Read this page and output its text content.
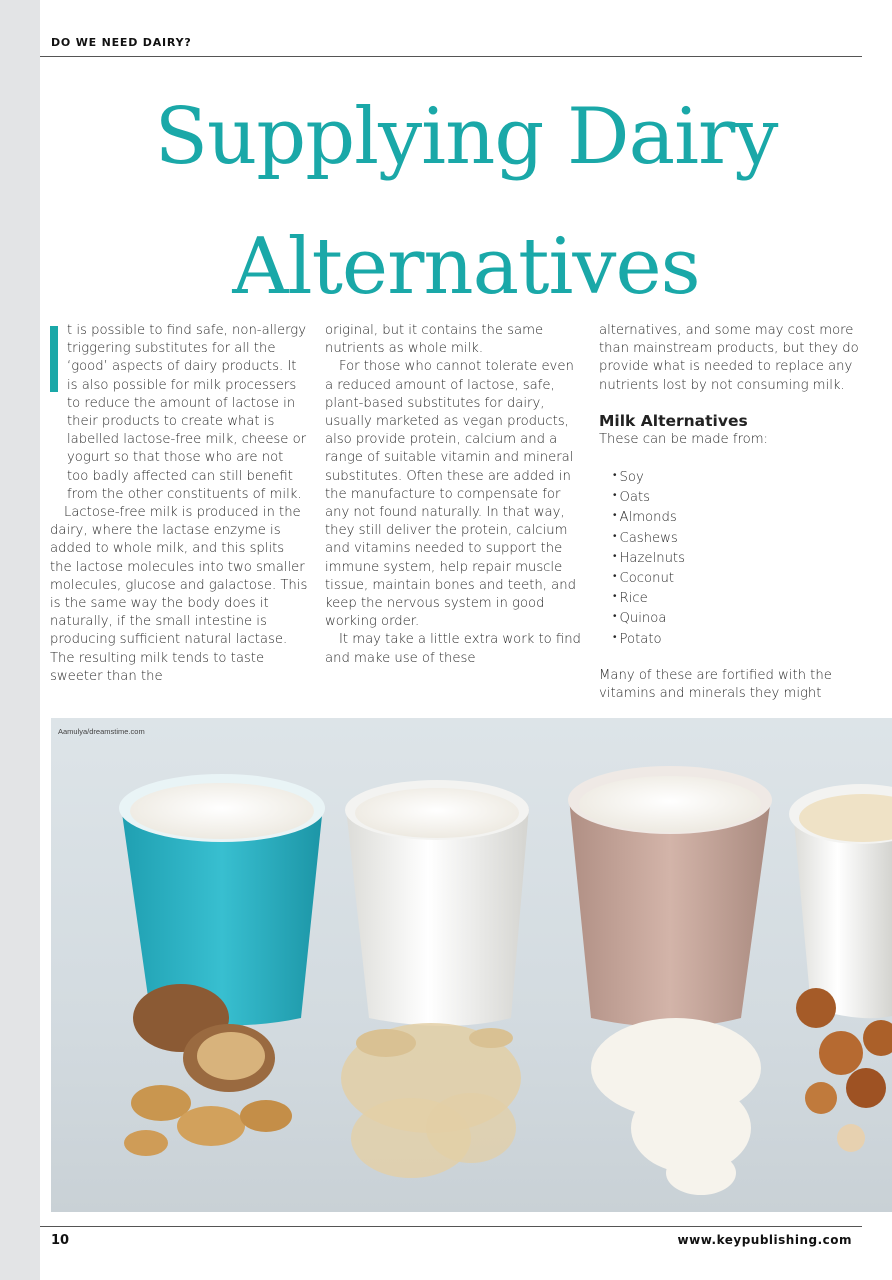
DO WE NEED DAIRY?
Supplying Dairy
Alternatives

t is possible to find safe, non-allergy triggering substitutes for all the ‘good’ aspects of dairy products. It is also possible for milk processers to reduce the amount of lactose in their products to create what is labelled lactose-free milk, cheese or yogurt so that those who are not too badly affected can still benefit from the other constituents of milk.

Lactose-free milk is produced in the dairy, where the lactase enzyme is added to whole milk, and this splits the lactose molecules into two smaller molecules, glucose and galactose. This is the same way the body does it naturally, if the small intestine is producing sufficient natural lactase. The resulting milk tends to taste sweeter than the

original, but it contains the same nutrients as whole milk.

For those who cannot tolerate even a reduced amount of lactose, safe, plant-based substitutes for dairy, usually marketed as vegan products, also provide protein, calcium and a range of suitable vitamin and mineral substitutes. Often these are added in the manufacture to compensate for any not found naturally. In that way, they still deliver the protein, calcium and vitamins needed to support the immune system, help repair muscle tissue, maintain bones and teeth, and keep the nervous system in good working order.

It may take a little extra work to find and make use of these

alternatives, and some may cost more than mainstream products, but they do provide what is needed to replace any nutrients lost by not consuming milk.

Milk Alternatives

These can be made from:

• Soy
• Oats
• Almonds
• Cashews
• Hazelnuts
• Coconut
• Rice
• Quinoa
• Potato

Many of these are fortified with the vitamins and minerals they might

Aamulya/dreamstime.com
10	www.keypublishing.com
